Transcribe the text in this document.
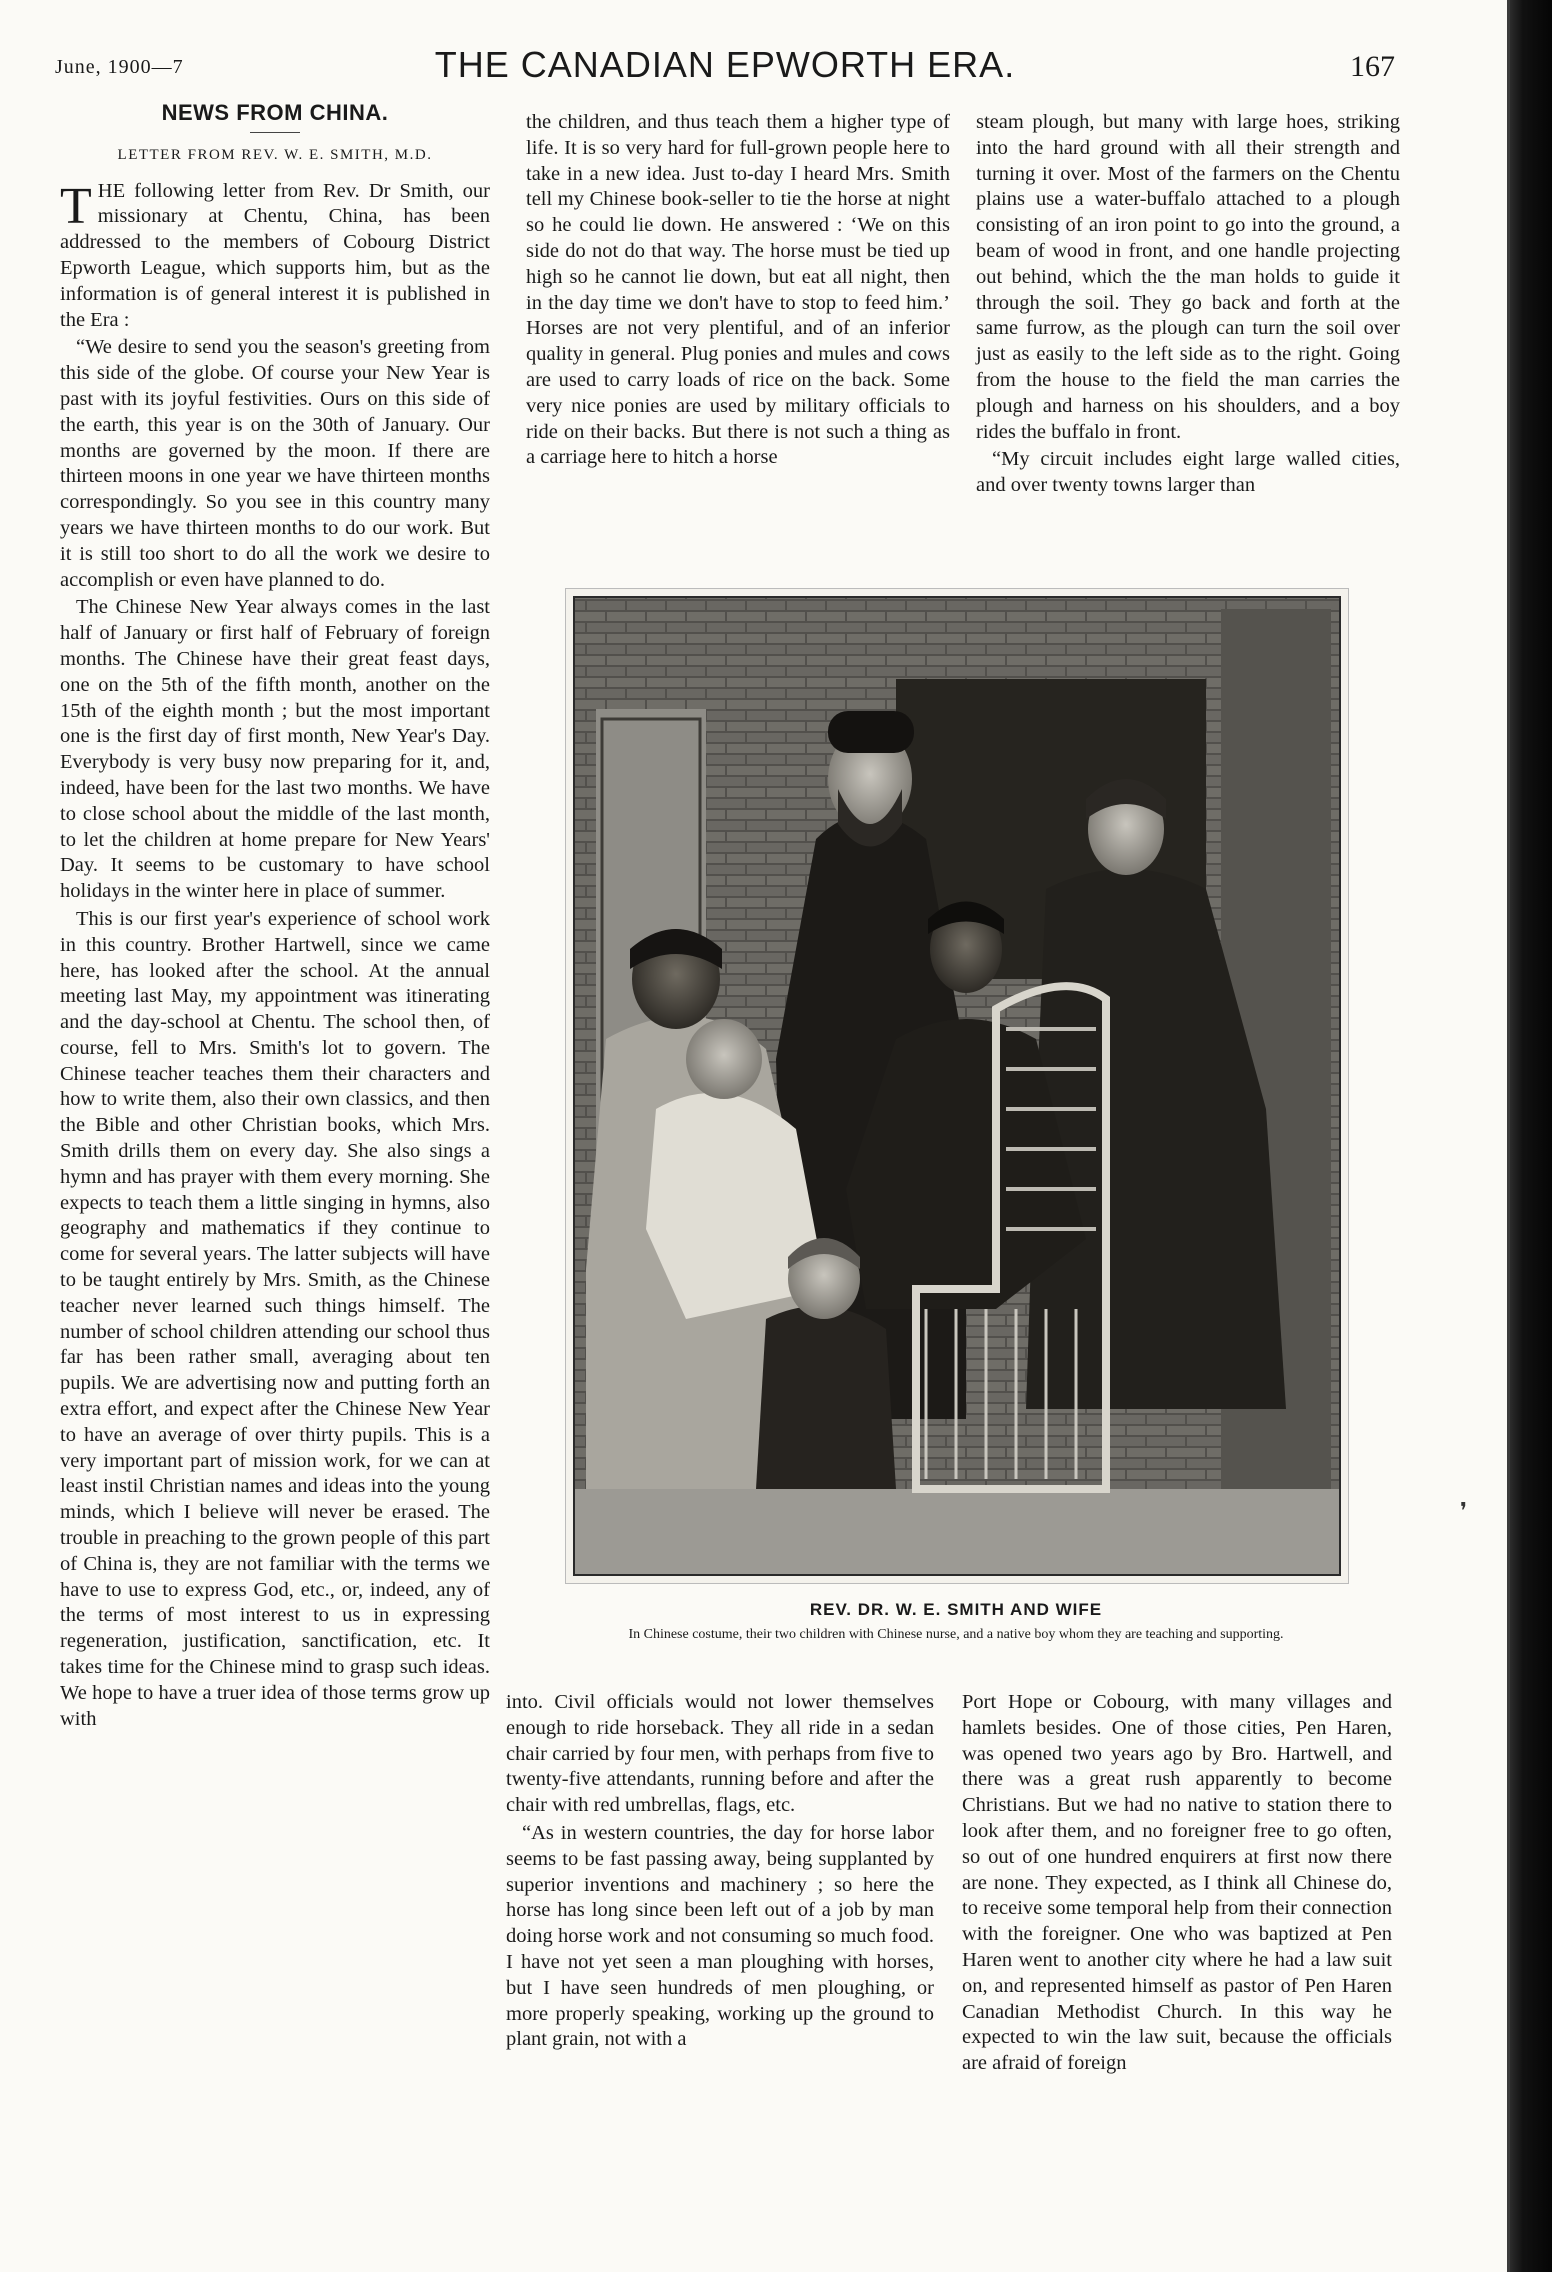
June, 1900—7	THE CANADIAN EPWORTH ERA.	167
NEWS FROM CHINA.
LETTER FROM REV. W. E. SMITH, M.D.

THE following letter from Rev. Dr Smith, our missionary at Chentu, China, has been addressed to the members of Cobourg District Epworth League, which supports him, but as the information is of general interest it is published in the Era :

“We desire to send you the season's greeting from this side of the globe. Of course your New Year is past with its joyful festivities. Ours on this side of the earth, this year is on the 30th of January. Our months are governed by the moon. If there are thirteen moons in one year we have thirteen months correspondingly. So you see in this country many years we have thirteen months to do our work. But it is still too short to do all the work we desire to accomplish or even have planned to do.

The Chinese New Year always comes in the last half of January or first half of February of foreign months. The Chinese have their great feast days, one on the 5th of the fifth month, another on the 15th of the eighth month ; but the most important one is the first day of first month, New Year's Day. Everybody is very busy now preparing for it, and, indeed, have been for the last two months. We have to close school about the middle of the last month, to let the children at home prepare for New Years' Day. It seems to be customary to have school holidays in the winter here in place of summer.

This is our first year's experience of school work in this country. Brother Hartwell, since we came here, has looked after the school. At the annual meeting last May, my appointment was itinerating and the day-school at Chentu. The school then, of course, fell to Mrs. Smith's lot to govern. The Chinese teacher teaches them their characters and how to write them, also their own classics, and then the Bible and other Christian books, which Mrs. Smith drills them on every day. She also sings a hymn and has prayer with them every morning. She expects to teach them a little singing in hymns, also geography and mathematics if they continue to come for several years. The latter subjects will have to be taught entirely by Mrs. Smith, as the Chinese teacher never learned such things himself. The number of school children attending our school thus far has been rather small, averaging about ten pupils. We are advertising now and putting forth an extra effort, and expect after the Chinese New Year to have an average of over thirty pupils. This is a very important part of mission work, for we can at least instil Christian names and ideas into the young minds, which I believe will never be erased. The trouble in preaching to the grown people of this part of China is, they are not familiar with the terms we have to use to express God, etc., or, indeed, any of the terms of most interest to us in expressing regeneration, justification, sanctification, etc. It takes time for the Chinese mind to grasp such ideas. We hope to have a truer idea of those terms grow up with

the children, and thus teach them a higher type of life. It is so very hard for full-grown people here to take in a new idea. Just to-day I heard Mrs. Smith tell my Chinese book-seller to tie the horse at night so he could lie down. He answered : ‘We on this side do not do that way. The horse must be tied up high so he cannot lie down, but eat all night, then in the day time we don't have to stop to feed him.’ Horses are not very plentiful, and of an inferior quality in general. Plug ponies and mules and cows are used to carry loads of rice on the back. Some very nice ponies are used by military officials to ride on their backs. But there is not such a thing as a carriage here to hitch a horse

steam plough, but many with large hoes, striking into the hard ground with all their strength and turning it over. Most of the farmers on the Chentu plains use a water-buffalo attached to a plough consisting of an iron point to go into the ground, a beam of wood in front, and one handle projecting out behind, which the the man holds to guide it through the soil. They go back and forth at the same furrow, as the plough can turn the soil over just as easily to the left side as to the right. Going from the house to the field the man carries the plough and harness on his shoulders, and a boy rides the buffalo in front.

“My circuit includes eight large walled cities, and over twenty towns larger than

REV. DR. W. E. SMITH AND WIFE
In Chinese costume, their two children with Chinese nurse, and a native boy whom they are teaching and supporting.

into. Civil officials would not lower themselves enough to ride horseback. They all ride in a sedan chair carried by four men, with perhaps from five to twenty-five attendants, running before and after the chair with red umbrellas, flags, etc.

“As in western countries, the day for horse labor seems to be fast passing away, being supplanted by superior inventions and machinery ; so here the horse has long since been left out of a job by man doing horse work and not consuming so much food. I have not yet seen a man ploughing with horses, but I have seen hundreds of men ploughing, or more properly speaking, working up the ground to plant grain, not with a

Port Hope or Cobourg, with many villages and hamlets besides. One of those cities, Pen Haren, was opened two years ago by Bro. Hartwell, and there was a great rush apparently to become Christians. But we had no native to station there to look after them, and no foreigner free to go often, so out of one hundred enquirers at first now there are none. They expected, as I think all Chinese do, to receive some temporal help from their connection with the foreigner. One who was baptized at Pen Haren went to another city where he had a law suit on, and represented himself as pastor of Pen Haren Canadian Methodist Church. In this way he expected to win the law suit, because the officials are afraid of foreign

❜
